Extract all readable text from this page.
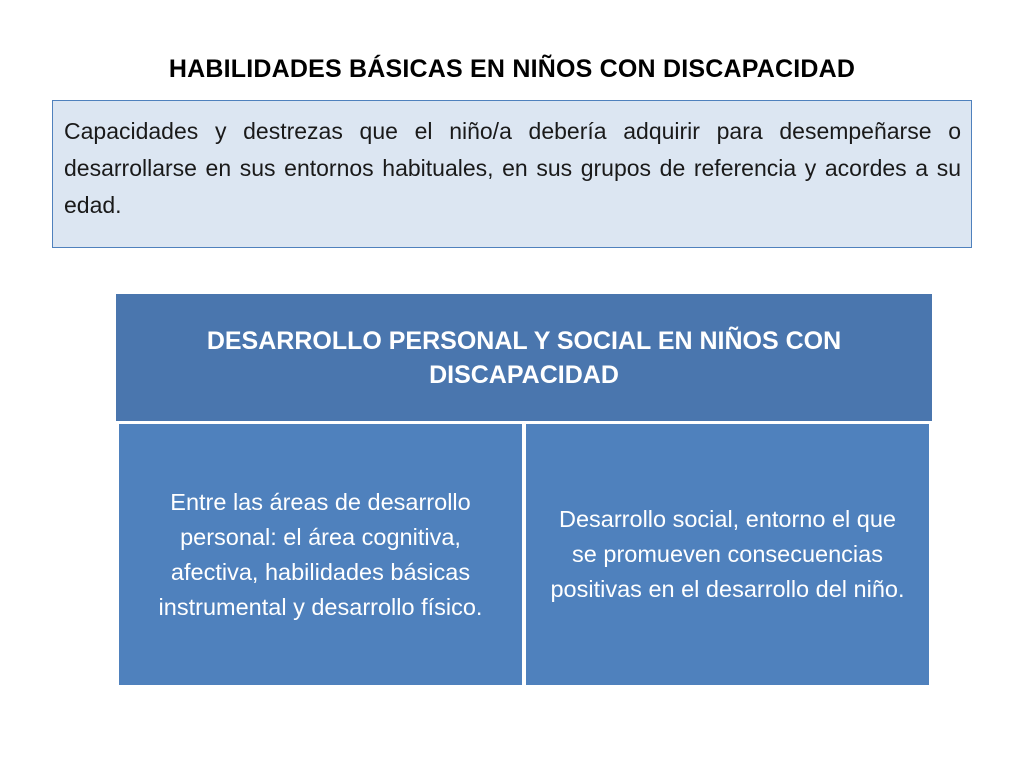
HABILIDADES BÁSICAS EN NIÑOS CON DISCAPACIDAD

Capacidades y destrezas que el niño/a debería adquirir para desempeñarse o desarrollarse en sus entornos habituales, en sus grupos de referencia y acordes a su edad.

DESARROLLO PERSONAL Y SOCIAL EN NIÑOS CON DISCAPACIDAD
Entre las áreas de desarrollo personal: el área cognitiva, afectiva, habilidades básicas instrumental y desarrollo físico.
Desarrollo social, entorno el que se promueven consecuencias positivas en el desarrollo del niño.
